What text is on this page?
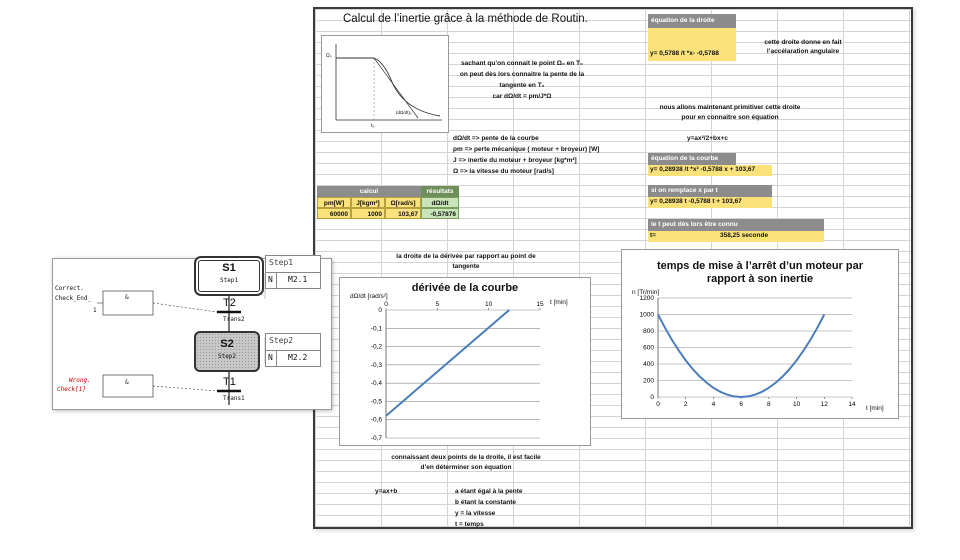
Calcul de l’inertie grâce à la méthode de Routin.
Ω₀
(dΩ/dt)₀
t₀
sachant qu’on connait le point Ω₀ en T₀
on peut dès lors connaitre la pente de la
tangente en T₀
car dΩ/dt = pm/J*Ω
dΩ/dt => pente de la courbe
pm => perte mécanique ( moteur + broyeur) [W]
J => inertie du moteur + broyeur [kg*m²]
Ω => la vitesse du moteur [rad/s]
équation de la droite
y= 0,5788 /t *x- -0,5788
cette droite donne en fait
l’accélaration angulaire
nous allons maintenant primitiver cette droite
pour en connaitre son équation
y=ax²/2+bx+c
équation de la courbe
y= 0,28938 /t *x² -0,5788 x + 103,67
si on remplace x par t
y= 0,28938 t -0,5788 t + 103,67
le t peut dès lors être connu
t=	358,25 seconde
calcul	résultats
pm[W]	J[kgm²]	Ω[rad/s]	dΩ/dt
60000	1000	103,67	-0,57876
la droite de la dérivée par rapport au point de
tangente
dérivée de la courbe
dΩ/dt [rad/s²]
t [min]
0
-0,1
-0,2
-0,3
-0,4
-0,5
-0,6
-0,7
0	5	10	15
temps de mise à l’arrêt d’un moteur par rapport à son inertie
n [Tr/min]
t [min]
1200
1000
800
600
400
200
0
0	2	4	6	8	10	12	14
connaissant deux points de la droite, il est facile
d’en déterminer son équation
y=ax+b	a étant égal à la pente
b étant la constante
y = la vitesse
t = temps
S1
Step1
Step1
N M2.1
T2
Trans2
Correct.
Check_End_
1
&
S2
Step2
Step2
N M2.2
T1
Trans1
Wrong.
Check[1]
&
